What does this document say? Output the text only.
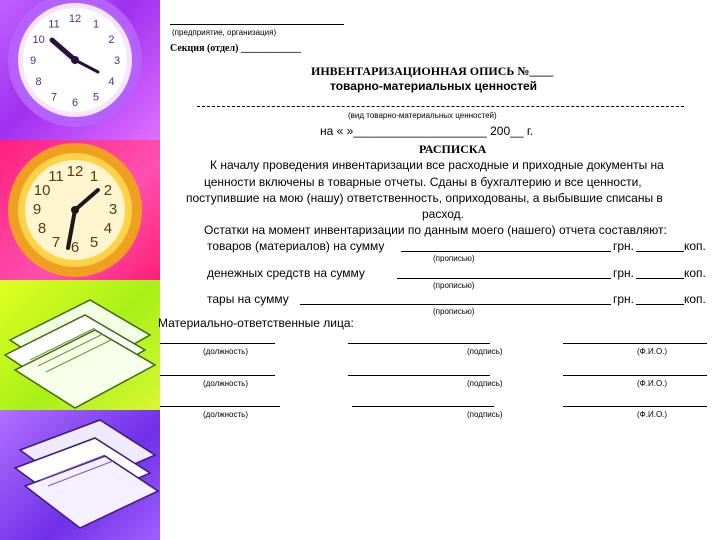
12 1
2
3
4
5
6
7
8
9
10
11
12 1
2
3
4
5
6
7
8
9
10
11
(предприятие, организация)
Секция (отдел) ____________
ИНВЕНТАРИЗАЦИОННАЯ ОПИСЬ №____
товарно-материальных ценностей
(вид товарно-материальных ценностей)
на « »____________________ 200__ г.
РАСПИСКА
К началу проведения инвентаризации все расходные и приходные документы на
ценности включены в товарные отчеты. Сданы в бухгалтерию и все ценности,
поступившие на мою (нашу) ответственность, оприходованы, а выбывшие списаны в
расход.
Остатки на момент инвентаризации по данным моего (нашего) отчета составляют:
товаров (материалов) на сумму	грн.	коп.
(прописью)
денежных средств на сумму	грн.	коп.
(прописью)
тары на сумму	грн.	коп.
(прописью)
Материально-ответственные лица:
(должность)	(подпись)	(Ф.И.О.)
(должность)	(подпись)	(Ф.И.О.)
(должность)	(подпись)	(Ф.И.О.)
